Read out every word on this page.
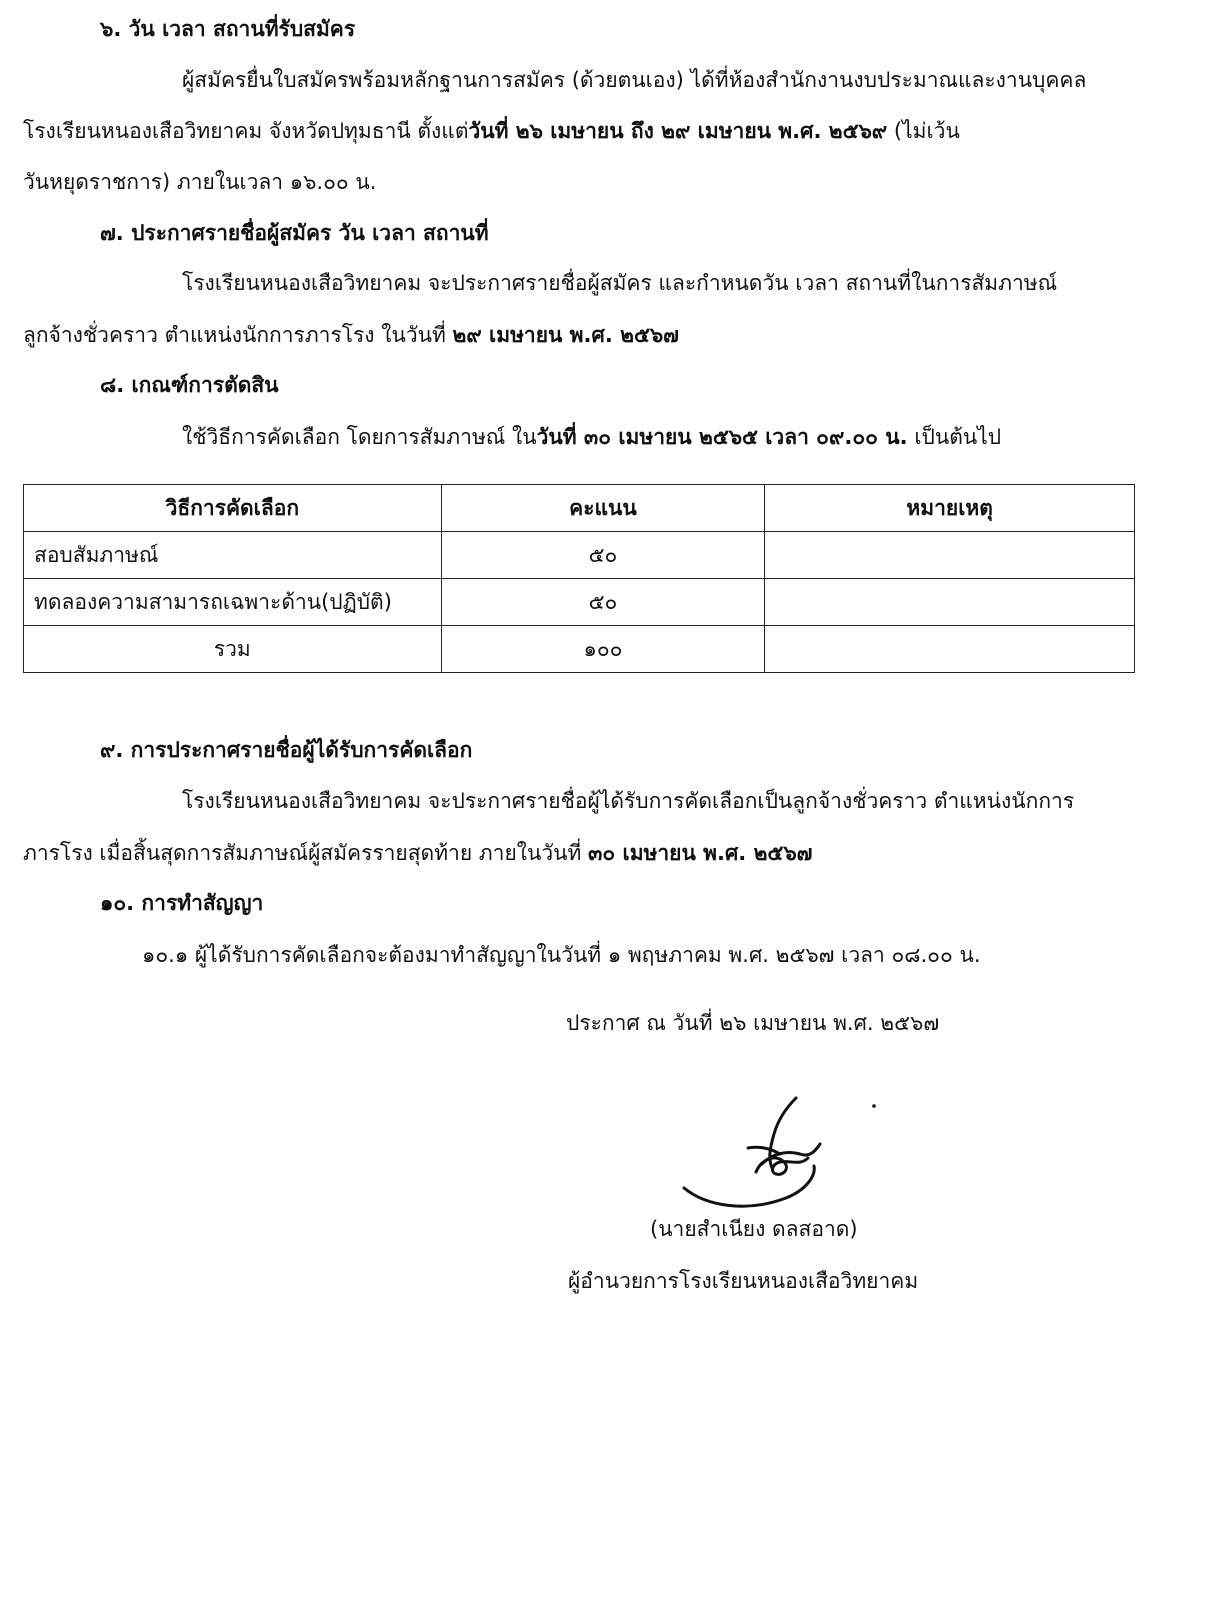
๖. วัน เวลา สถานที่รับสมัคร
ผู้สมัครยื่นใบสมัครพร้อมหลักฐานการสมัคร (ด้วยตนเอง) ได้ที่ห้องสำนักงานงบประมาณและงานบุคคล
โรงเรียนหนองเสือวิทยาคม จังหวัดปทุมธานี ตั้งแต่วันที่ ๒๖ เมษายน ถึง ๒๙ เมษายน พ.ศ. ๒๕๖๙ (ไม่เว้น
วันหยุดราชการ) ภายในเวลา ๑๖.๐๐ น.
๗. ประกาศรายชื่อผู้สมัคร วัน เวลา สถานที่
โรงเรียนหนองเสือวิทยาคม จะประกาศรายชื่อผู้สมัคร และกำหนดวัน เวลา สถานที่ในการสัมภาษณ์
ลูกจ้างชั่วคราว ตำแหน่งนักการภารโรง ในวันที่ ๒๙ เมษายน พ.ศ. ๒๕๖๗
๘. เกณฑ์การตัดสิน
ใช้วิธีการคัดเลือก โดยการสัมภาษณ์ ในวันที่ ๓๐ เมษายน ๒๕๖๕ เวลา ๐๙.๐๐ น. เป็นต้นไป
วิธีการคัดเลือก	คะแนน	หมายเหตุ
สอบสัมภาษณ์	๕๐	
ทดลองความสามารถเฉพาะด้าน(ปฏิบัติ)	๕๐	
รวม	๑๐๐	
๙. การประกาศรายชื่อผู้ได้รับการคัดเลือก
โรงเรียนหนองเสือวิทยาคม จะประกาศรายชื่อผู้ได้รับการคัดเลือกเป็นลูกจ้างชั่วคราว ตำแหน่งนักการ
ภารโรง เมื่อสิ้นสุดการสัมภาษณ์ผู้สมัครรายสุดท้าย ภายในวันที่ ๓๐ เมษายน พ.ศ. ๒๕๖๗
๑๐. การทำสัญญา
๑๐.๑ ผู้ได้รับการคัดเลือกจะต้องมาทำสัญญาในวันที่ ๑ พฤษภาคม พ.ศ. ๒๕๖๗ เวลา ๐๘.๐๐ น.
ประกาศ ณ วันที่ ๒๖ เมษายน พ.ศ. ๒๕๖๗
(นายสำเนียง ดลสอาด)
ผู้อำนวยการโรงเรียนหนองเสือวิทยาคม
